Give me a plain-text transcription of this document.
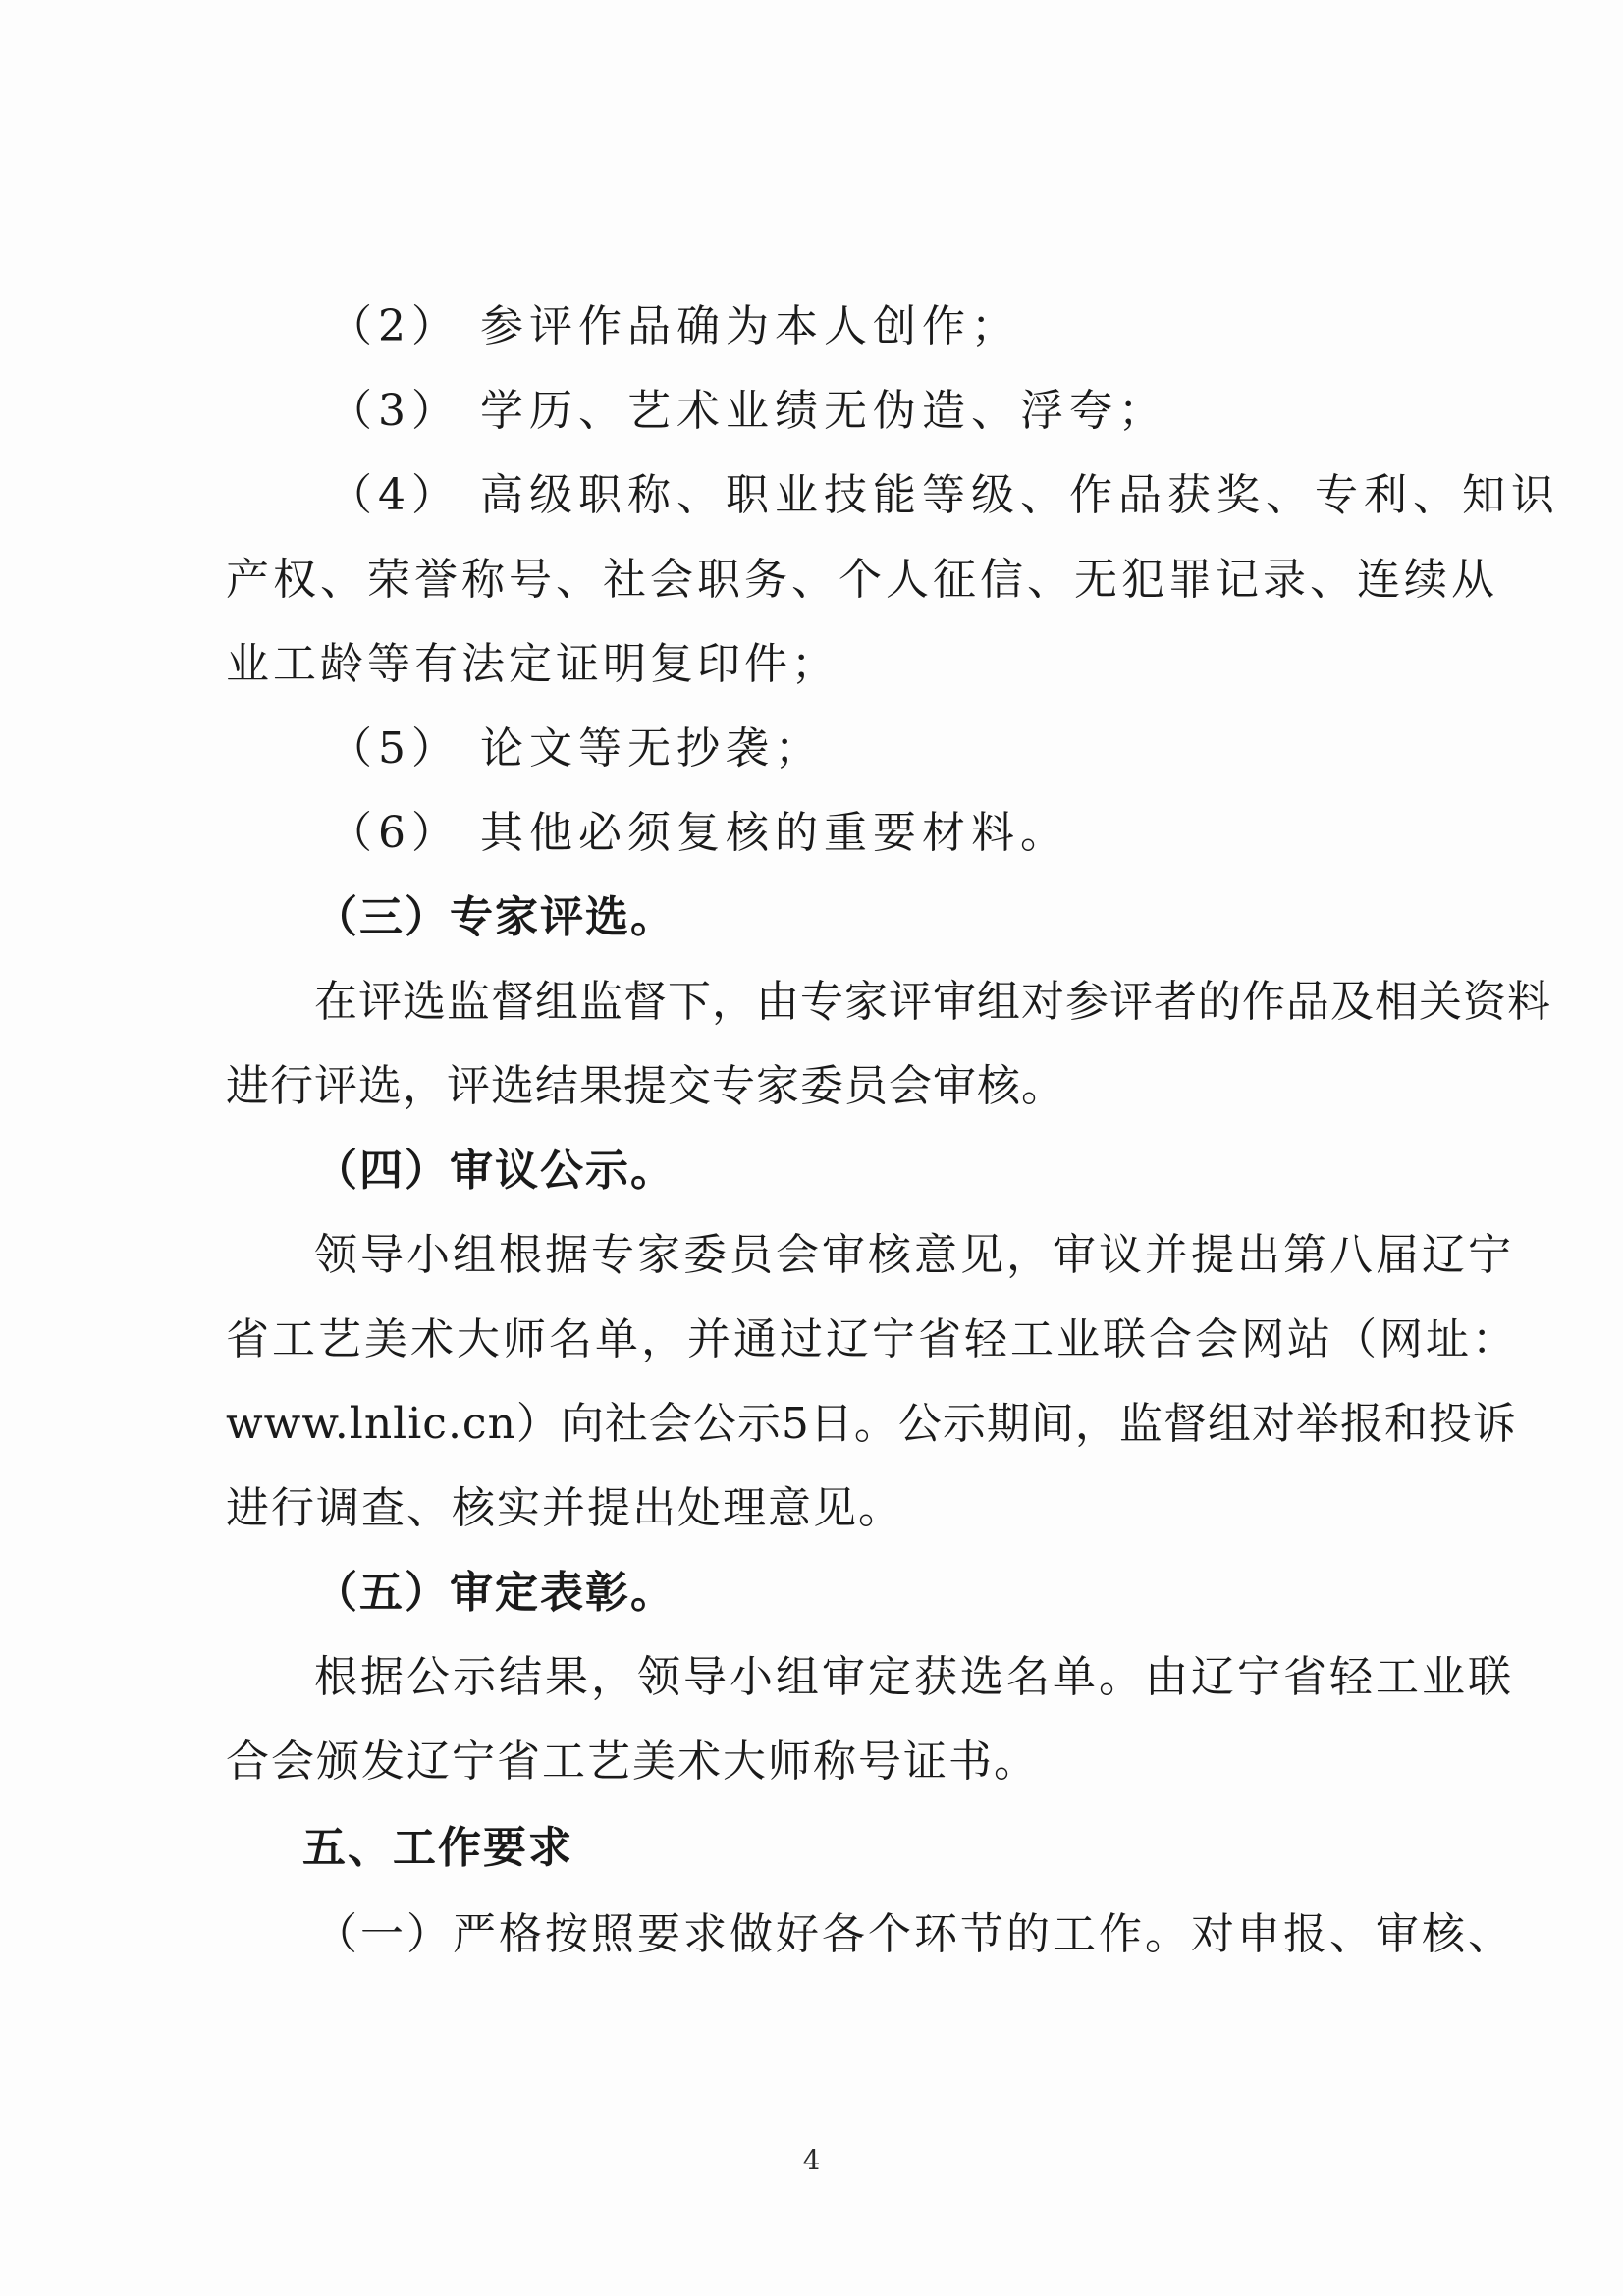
（2） 参评作品确为本人创作；
（3） 学历、艺术业绩无伪造、浮夸；
（4） 高级职称、职业技能等级、作品获奖、专利、知识
产权、荣誉称号、社会职务、个人征信、无犯罪记录、连续从
业工龄等有法定证明复印件；
（5） 论文等无抄袭；
（6） 其他必须复核的重要材料。
（三）专家评选。
在评选监督组监督下，由专家评审组对参评者的作品及相关资料
进行评选，评选结果提交专家委员会审核。
（四）审议公示。
领导小组根据专家委员会审核意见，审议并提出第八届辽宁
省工艺美术大师名单，并通过辽宁省轻工业联合会网站（网址：
www.lnlic.cn）向社会公示5日。公示期间，监督组对举报和投诉
进行调查、核实并提出处理意见。
（五）审定表彰。
根据公示结果，领导小组审定获选名单。由辽宁省轻工业联
合会颁发辽宁省工艺美术大师称号证书。
五、工作要求
（一）严格按照要求做好各个环节的工作。对申报、审核、
4
